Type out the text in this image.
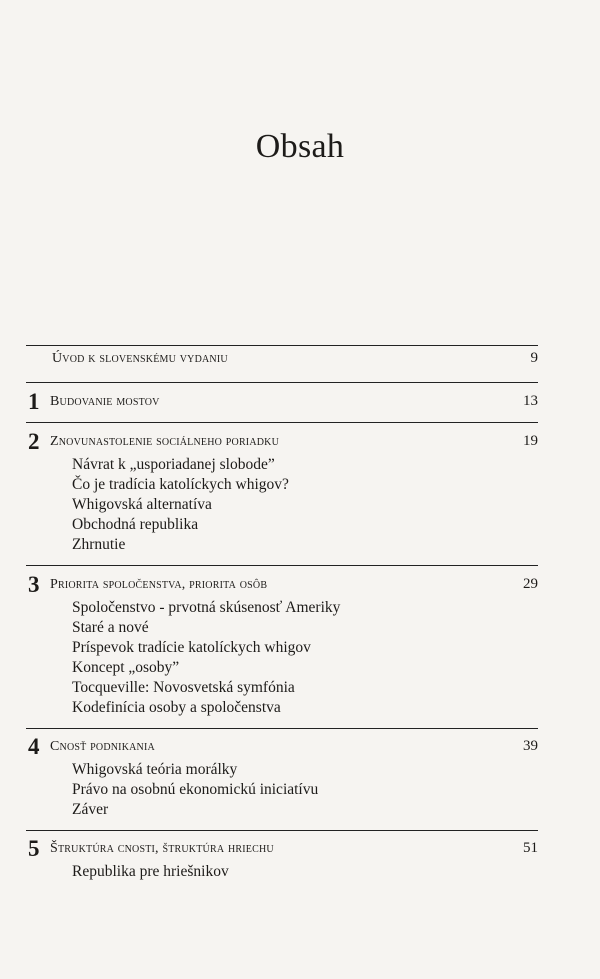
Obsah
Úvod k slovenskému vydaniu	9
1 Budovanie mostov	13
2 Znovunastolenie sociálneho poriadku	19
Návrat k „usporiadanej slobode”
Čo je tradícia katolíckych whigov?
Whigovská alternatíva
Obchodná republika
Zhrnutie
3 Priorita spoločenstva, priorita osôb	29
Spoločenstvo - prvotná skúsenosť Ameriky
Staré a nové
Príspevok tradície katolíckych whigov
Koncept „osoby”
Tocqueville: Novosvetská symfónia
Kodefinícia osoby a spoločenstva
4 Cnosť podnikania	39
Whigovská teória morálky
Právo na osobnú ekonomickú iniciatívu
Záver
5 Štruktúra cnosti, štruktúra hriechu	51
Republika pre hriešnikov
